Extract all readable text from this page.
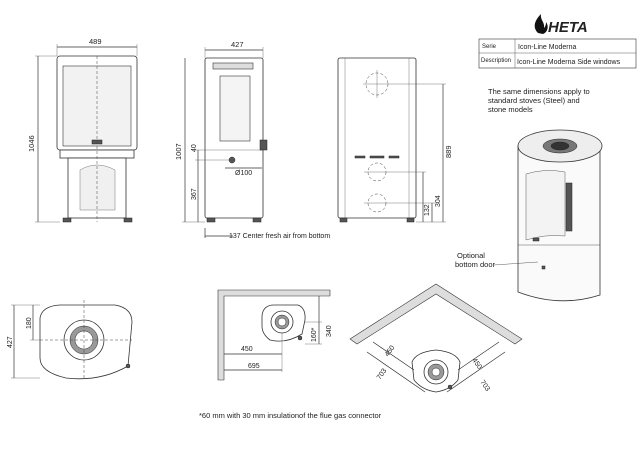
HETA
Serie	Icon-Line Moderna
Description Icon-Line Moderna Side windows
489
1046
427
1007 40
367
Ø100
137 Center fresh air from bottom
889
304
132
The same dimensions apply to
standard stoves (Steel) and
stone models
Optional
bottom door
427
180
160* 340
450
695
450
703
450
703
*60 mm with 30 mm insulationof the flue gas connector
